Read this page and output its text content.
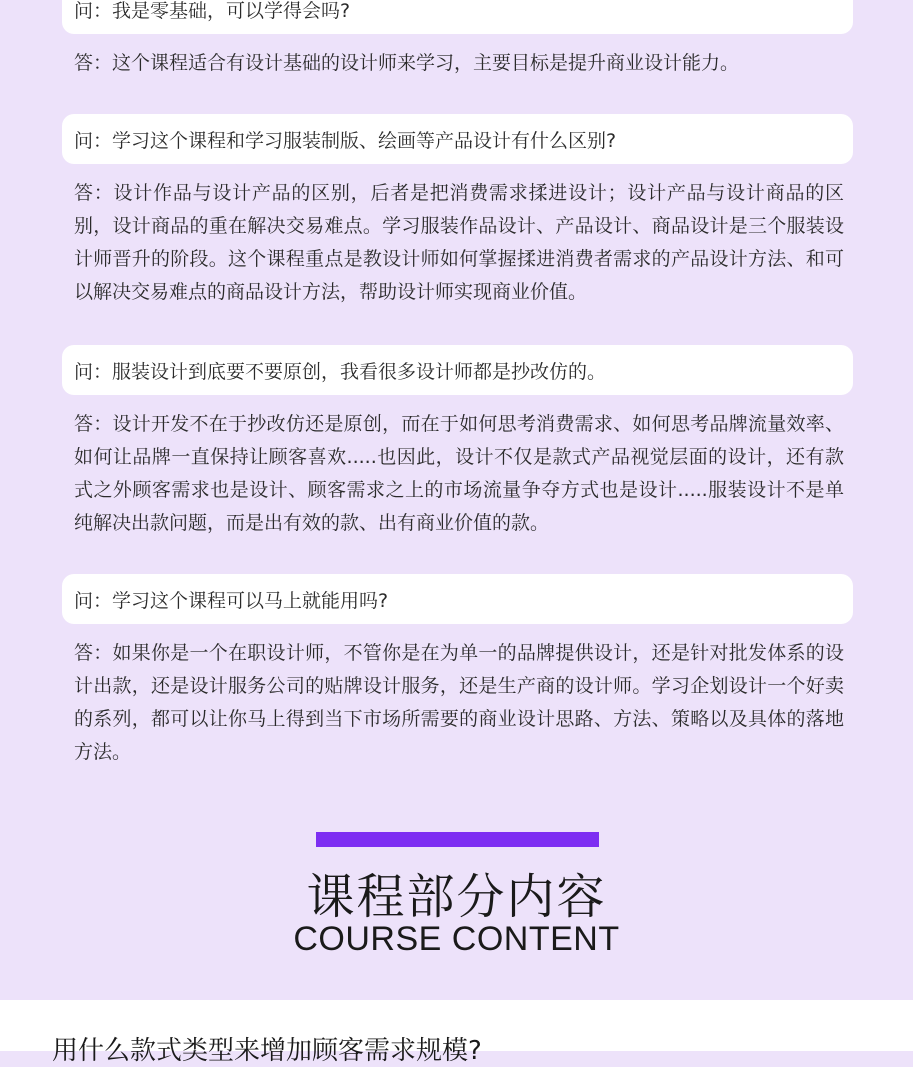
问：我是零基础，可以学得会吗?
答：这个课程适合有设计基础的设计师来学习，主要目标是提升商业设计能力。
问：学习这个课程和学习服装制版、绘画等产品设计有什么区别?
答：设计作品与设计产品的区别，后者是把消费需求揉进设计；设计产品与设计商品的区别，设计商品的重在解决交易难点。学习服装作品设计、产品设计、商品设计是三个服装设计师晋升的阶段。这个课程重点是教设计师如何掌握揉进消费者需求的产品设计方法、和可以解决交易难点的商品设计方法，帮助设计师实现商业价值。
问：服装设计到底要不要原创，我看很多设计师都是抄改仿的。
答：设计开发不在于抄改仿还是原创，而在于如何思考消费需求、如何思考品牌流量效率、如何让品牌一直保持让顾客喜欢.....也因此，设计不仅是款式产品视觉层面的设计，还有款式之外顾客需求也是设计、顾客需求之上的市场流量争夺方式也是设计.....服装设计不是单纯解决出款问题，而是出有效的款、出有商业价值的款。
问：学习这个课程可以马上就能用吗?
答：如果你是一个在职设计师，不管你是在为单一的品牌提供设计，还是针对批发体系的设计出款，还是设计服务公司的贴牌设计服务，还是生产商的设计师。学习企划设计一个好卖的系列，都可以让你马上得到当下市场所需要的商业设计思路、方法、策略以及具体的落地方法。
课程部分内容
COURSE CONTENT
用什么款式类型来增加顾客需求规模?
